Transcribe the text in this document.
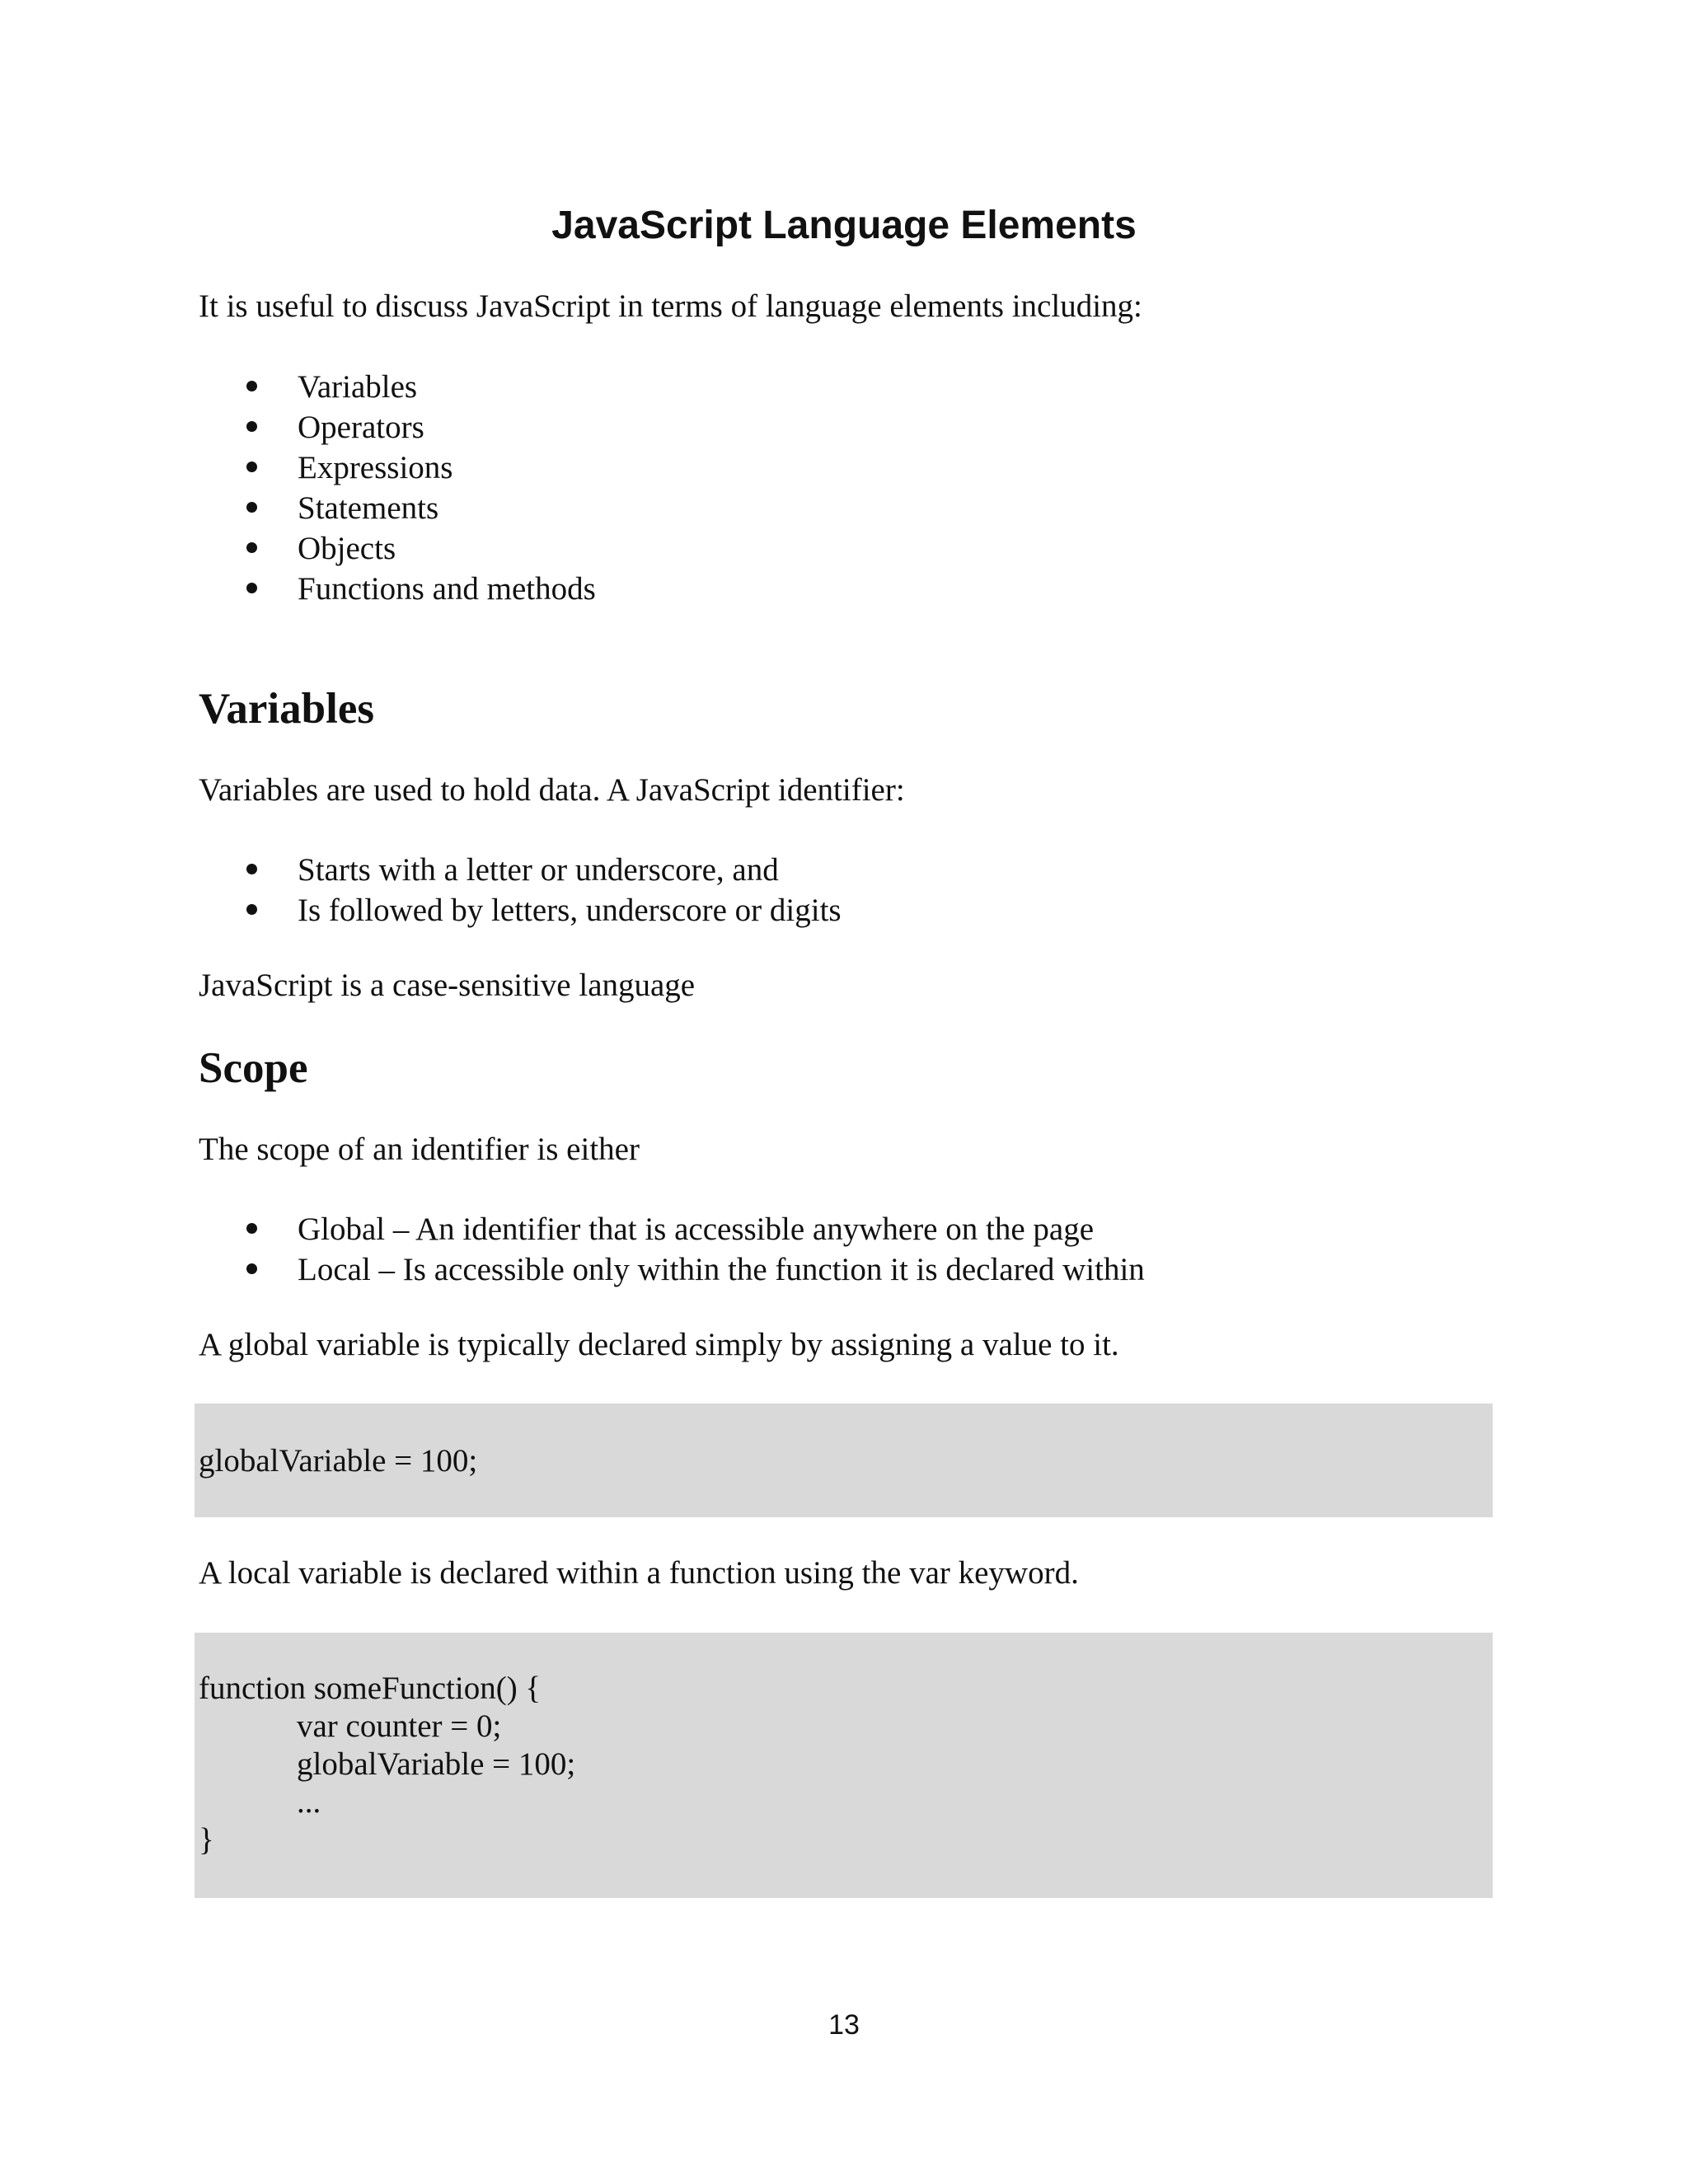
JavaScript Language Elements

It is useful to discuss JavaScript in terms of language elements including:

Variables
Operators
Expressions
Statements
Objects
Functions and methods
Variables

Variables are used to hold data. A JavaScript identifier:

Starts with a letter or underscore, and
Is followed by letters, underscore or digits

JavaScript is a case-sensitive language

Scope

The scope of an identifier is either

Global – An identifier that is accessible anywhere on the page
Local – Is accessible only within the function it is declared within

A global variable is typically declared simply by assigning a value to it.

globalVariable = 100;

A local variable is declared within a function using the var keyword.

function someFunction() {
var counter = 0;
globalVariable = 100;
...
}
13
